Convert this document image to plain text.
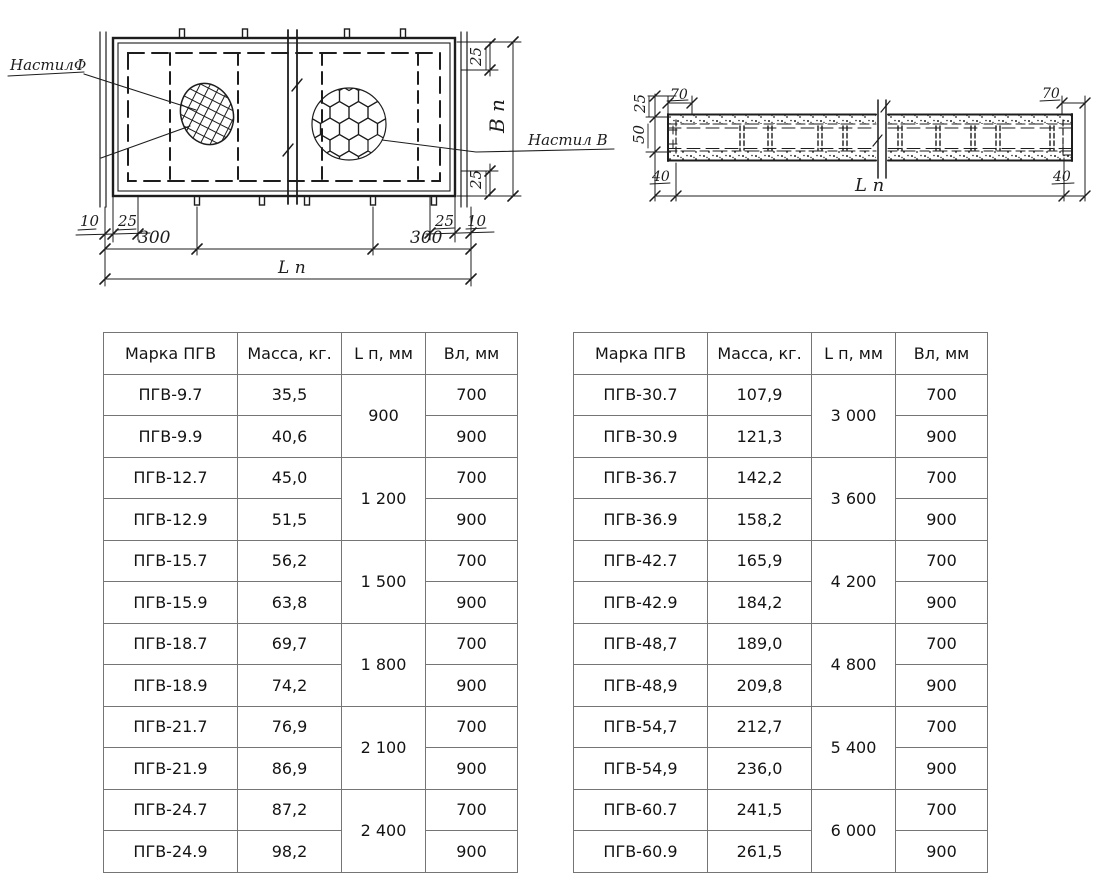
НастилФ
Настил В
10 25	25 10
300	300
L п
25
25
В п	25
50
70	70
40	40
L п
Марка ПГВ	Масса, кг.	L п, мм	Вл, мм
ПГВ-9.7	35,5	900	700
ПГВ-9.9	40,6		900
ПГВ-12.7	45,0	1 200	700
ПГВ-12.9	51,5		900
ПГВ-15.7	56,2	1 500	700
ПГВ-15.9	63,8		900
ПГВ-18.7	69,7	1 800	700
ПГВ-18.9	74,2		900
ПГВ-21.7	76,9	2 100	700
ПГВ-21.9	86,9		900
ПГВ-24.7	87,2	2 400	700
ПГВ-24.9	98,2		900
Марка ПГВ	Масса, кг.	L п, мм	Вл, мм
ПГВ-30.7	107,9	3 000	700
ПГВ-30.9	121,3		900
ПГВ-36.7	142,2	3 600	700
ПГВ-36.9	158,2		900
ПГВ-42.7	165,9	4 200	700
ПГВ-42.9	184,2		900
ПГВ-48,7	189,0	4 800	700
ПГВ-48,9	209,8		900
ПГВ-54,7	212,7	5 400	700
ПГВ-54,9	236,0		900
ПГВ-60.7	241,5	6 000	700
ПГВ-60.9	261,5		900
